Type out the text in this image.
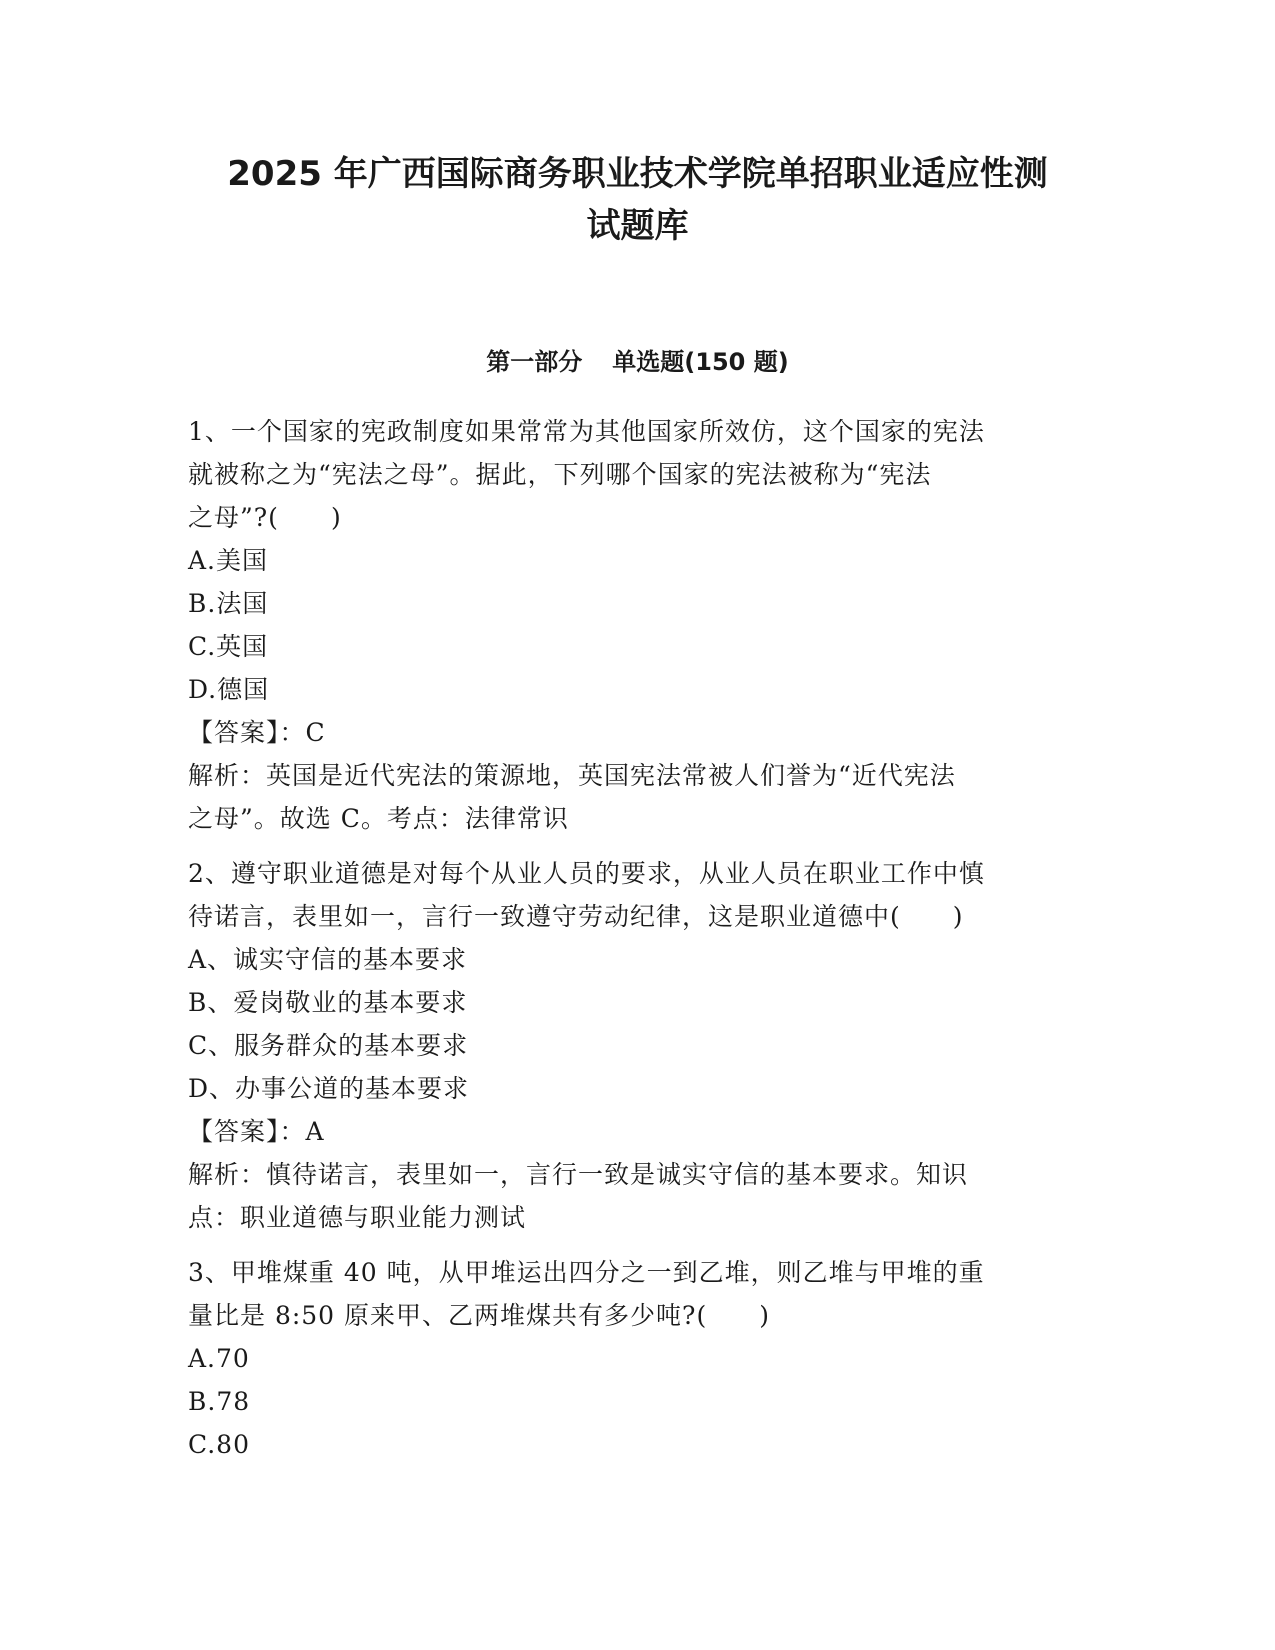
2025 年广西国际商务职业技术学院单招职业适应性测
试题库
第一部分 单选题(150 题)
1、一个国家的宪政制度如果常常为其他国家所效仿，这个国家的宪法
就被称之为“宪法之母”。据此，下列哪个国家的宪法被称为“宪法
之母”?(　　)
A.美国
B.法国
C.英国
D.德国
【答案】：C
解析：英国是近代宪法的策源地，英国宪法常被人们誉为“近代宪法
之母”。故选 C。考点：法律常识
2、遵守职业道德是对每个从业人员的要求，从业人员在职业工作中慎
待诺言，表里如一，言行一致遵守劳动纪律，这是职业道德中(　　)
A、诚实守信的基本要求
B、爱岗敬业的基本要求
C、服务群众的基本要求
D、办事公道的基本要求
【答案】：A
解析：慎待诺言，表里如一，言行一致是诚实守信的基本要求。知识
点：职业道德与职业能力测试
3、甲堆煤重 40 吨，从甲堆运出四分之一到乙堆，则乙堆与甲堆的重
量比是 8:50 原来甲、乙两堆煤共有多少吨?(　　)
A.70
B.78
C.80
